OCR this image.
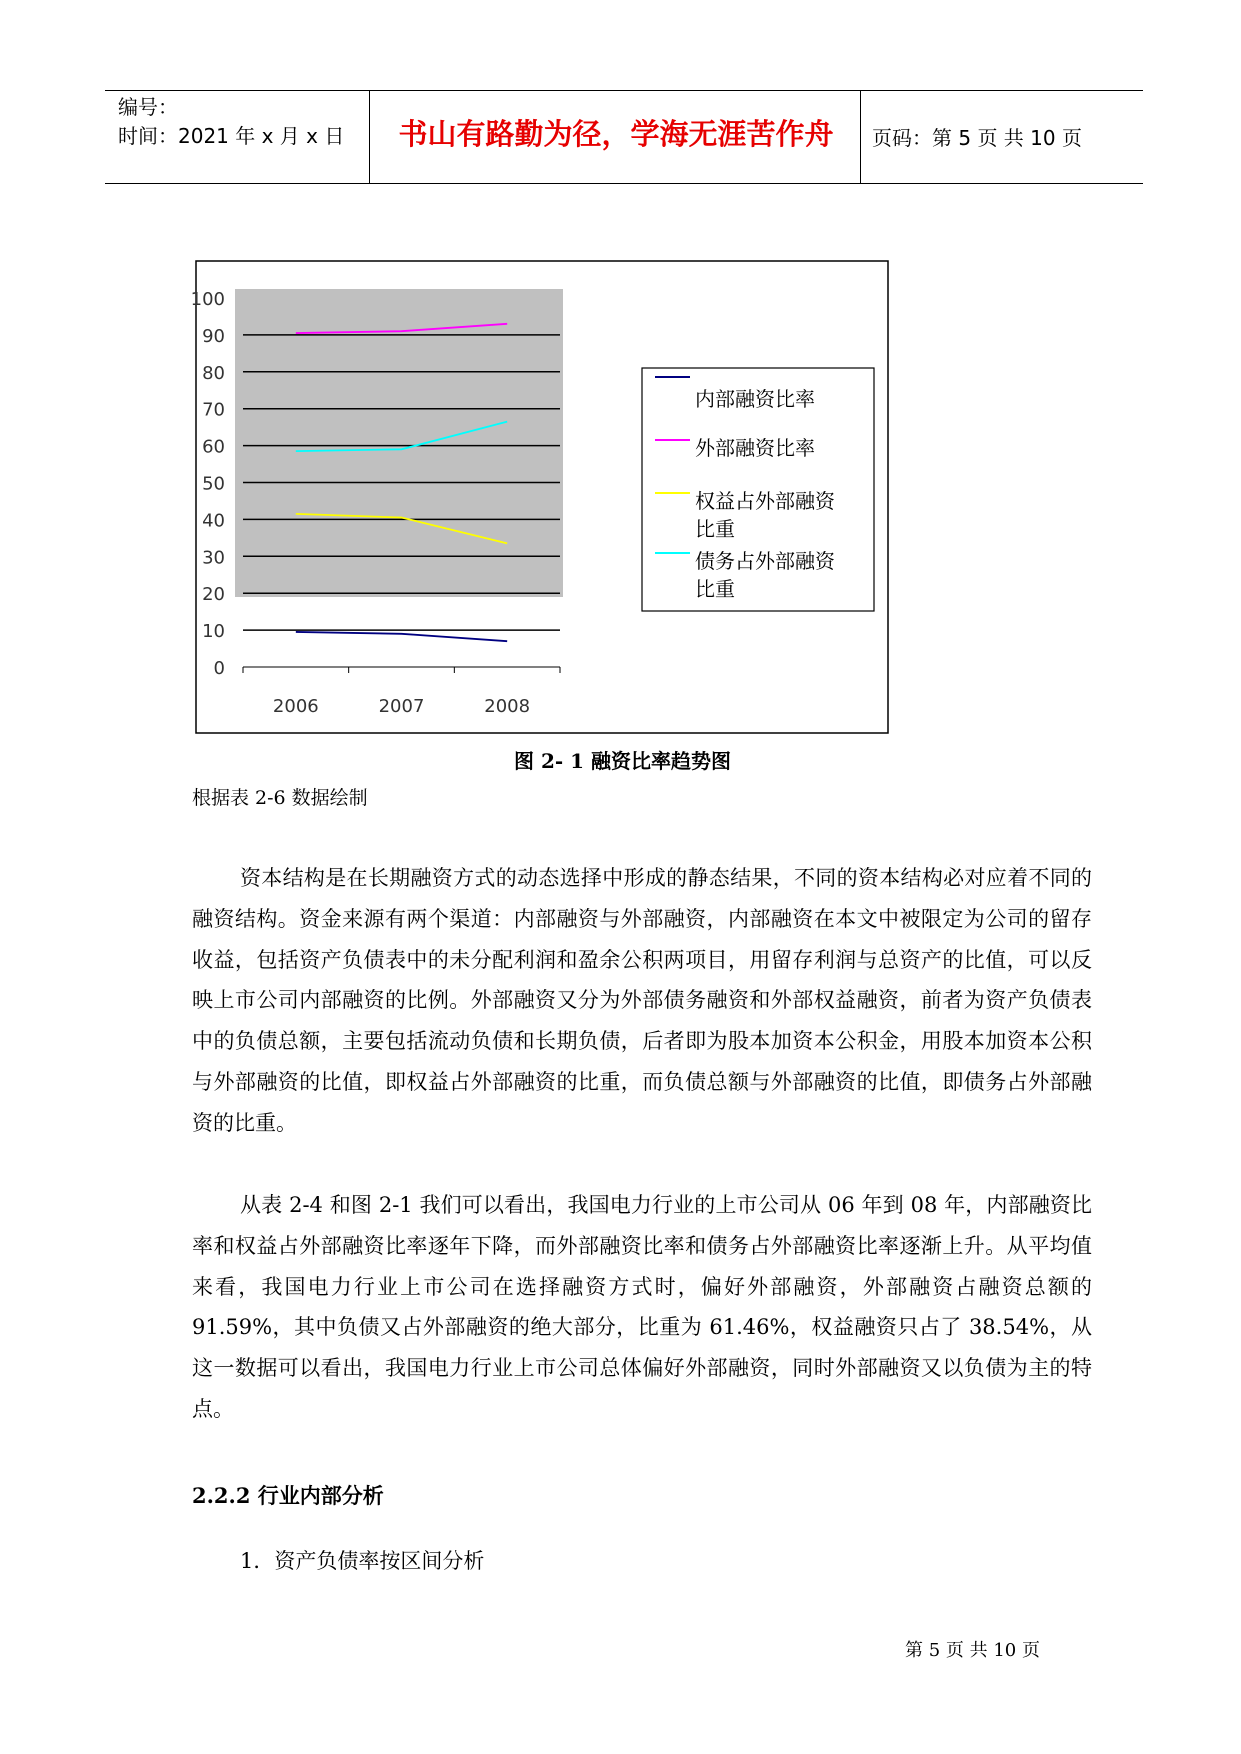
编号：
时间：2021 年 x 月 x 日	书山有路勤为径，学海无涯苦作舟	页码：第 5 页 共 10 页
0
10
20
30
40
50
60
70
80
90
100
2006	2007	2008
内部融资比率
外部融资比率
权益占外部融资
比重
债务占外部融资
比重
图 2- 1 融资比率趋势图
根据表 2-6 数据绘制

资本结构是在长期融资方式的动态选择中形成的静态结果，不同的资本结构必对应着不同的融资结构。资金来源有两个渠道：内部融资与外部融资，内部融资在本文中被限定为公司的留存收益，包括资产负债表中的未分配利润和盈余公积两项目，用留存利润与总资产的比值，可以反映上市公司内部融资的比例。外部融资又分为外部债务融资和外部权益融资，前者为资产负债表中的负债总额，主要包括流动负债和长期负债，后者即为股本加资本公积金，用股本加资本公积与外部融资的比值，即权益占外部融资的比重，而负债总额与外部融资的比值，即债务占外部融资的比重。

从表 2-4 和图 2-1 我们可以看出，我国电力行业的上市公司从 06 年到 08 年，内部融资比率和权益占外部融资比率逐年下降，而外部融资比率和债务占外部融资比率逐渐上升。从平均值来看，我国电力行业上市公司在选择融资方式时，偏好外部融资，外部融资占融资总额的 91.59%，其中负债又占外部融资的绝大部分，比重为 61.46%，权益融资只占了 38.54%，从这一数据可以看出，我国电力行业上市公司总体偏好外部融资，同时外部融资又以负债为主的特点。

2.2.2 行业内部分析
1．资产负债率按区间分析
第 5 页 共 10 页
